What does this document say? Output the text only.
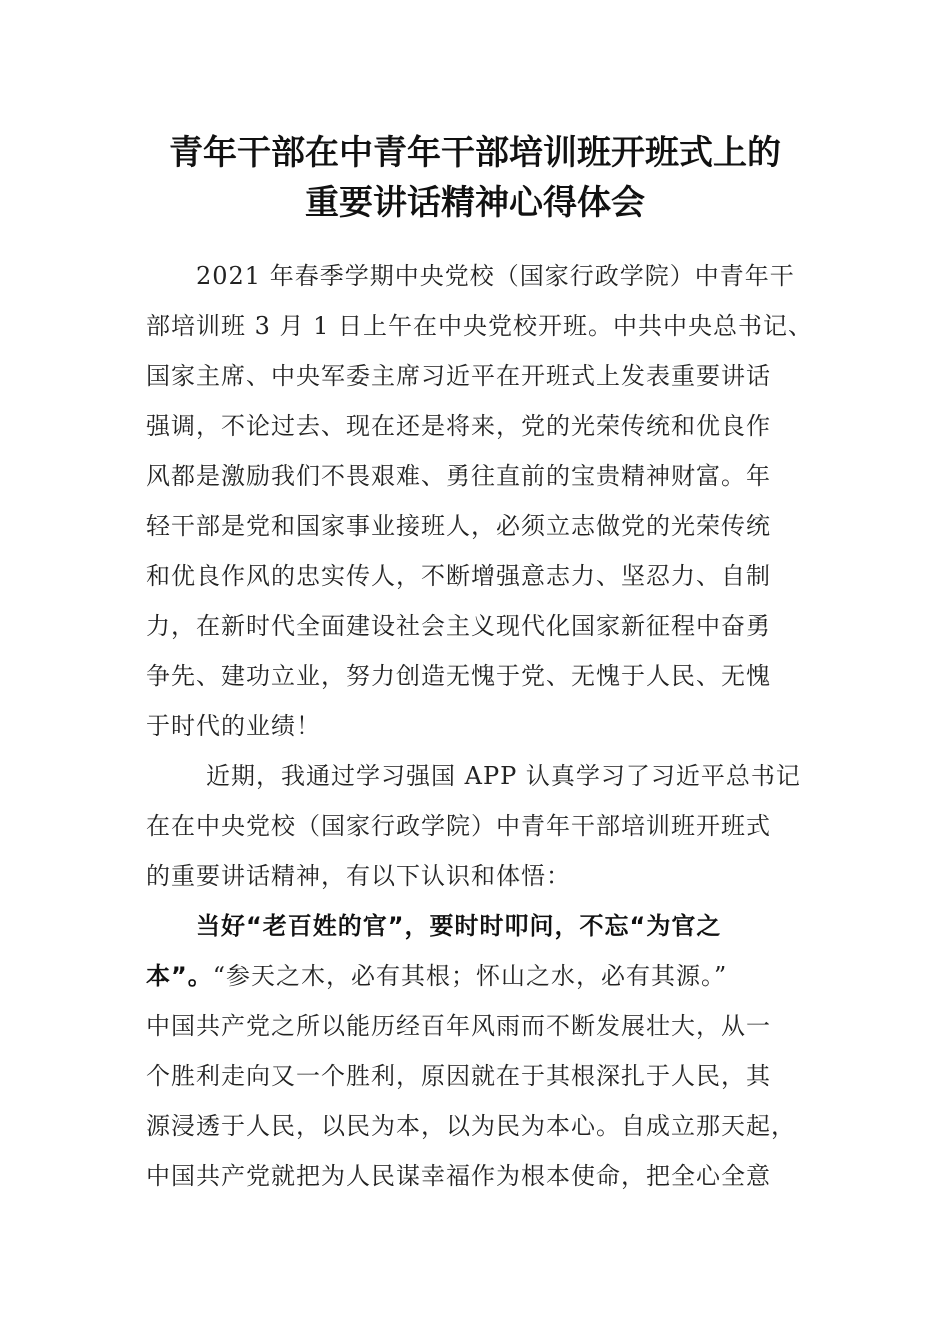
青年干部在中青年干部培训班开班式上的
重要讲话精神心得体会
2021 年春季学期中央党校（国家行政学院）中青年干
部培训班 3 月 1 日上午在中央党校开班。中共中央总书记、
国家主席、中央军委主席习近平在开班式上发表重要讲话
强调，不论过去、现在还是将来，党的光荣传统和优良作
风都是激励我们不畏艰难、勇往直前的宝贵精神财富。年
轻干部是党和国家事业接班人，必须立志做党的光荣传统
和优良作风的忠实传人，不断增强意志力、坚忍力、自制
力，在新时代全面建设社会主义现代化国家新征程中奋勇
争先、建功立业，努力创造无愧于党、无愧于人民、无愧
于时代的业绩！
近期，我通过学习强国 APP 认真学习了习近平总书记
在在中央党校（国家行政学院）中青年干部培训班开班式
的重要讲话精神，有以下认识和体悟：
当好“老百姓的官”，要时时叩问，不忘“为官之
本”。“参天之木，必有其根；怀山之水，必有其源。”
中国共产党之所以能历经百年风雨而不断发展壮大，从一
个胜利走向又一个胜利，原因就在于其根深扎于人民，其
源浸透于人民，以民为本，以为民为本心。自成立那天起，
中国共产党就把为人民谋幸福作为根本使命，把全心全意
